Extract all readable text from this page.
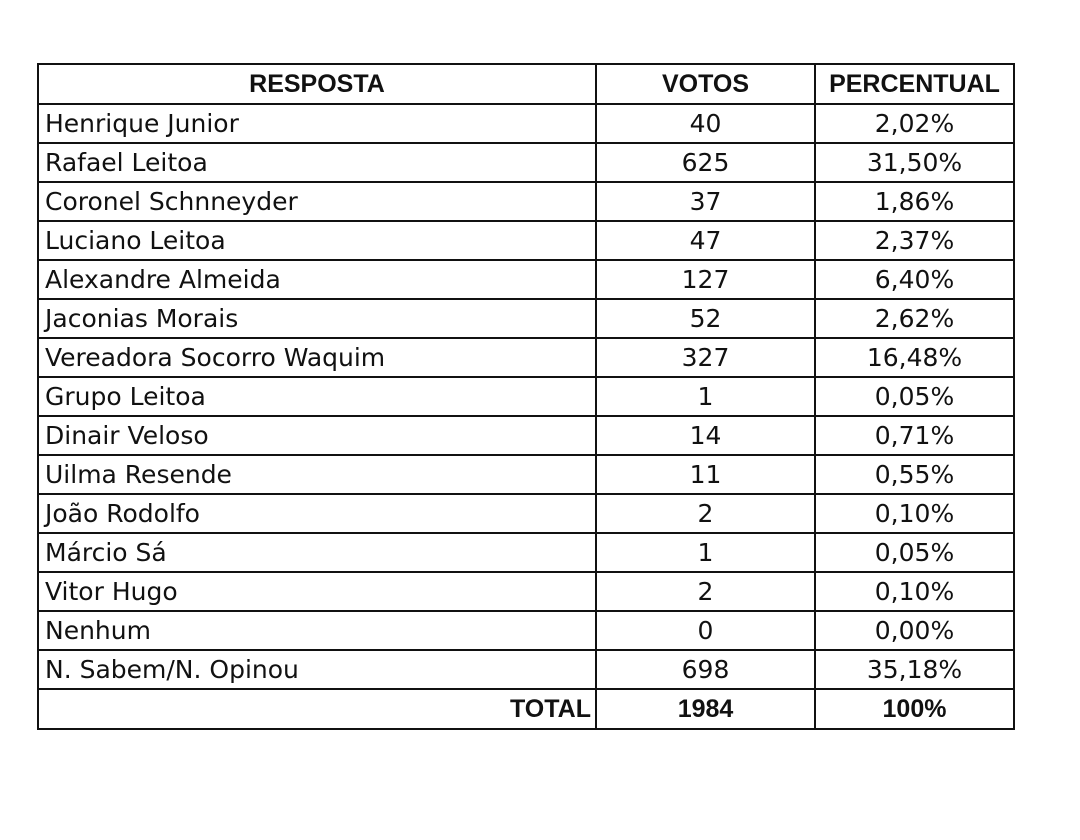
RESPOSTA	VOTOS	PERCENTUAL
Henrique Junior	40	2,02%
Rafael Leitoa	625	31,50%
Coronel Schnneyder	37	1,86%
Luciano Leitoa	47	2,37%
Alexandre Almeida	127	6,40%
Jaconias Morais	52	2,62%
Vereadora Socorro Waquim	327	16,48%
Grupo Leitoa	1	0,05%
Dinair Veloso	14	0,71%
Uilma Resende	11	0,55%
João Rodolfo	2	0,10%
Márcio Sá	1	0,05%
Vitor Hugo	2	0,10%
Nenhum	0	0,00%
N. Sabem/N. Opinou	698	35,18%
TOTAL	1984	100%
